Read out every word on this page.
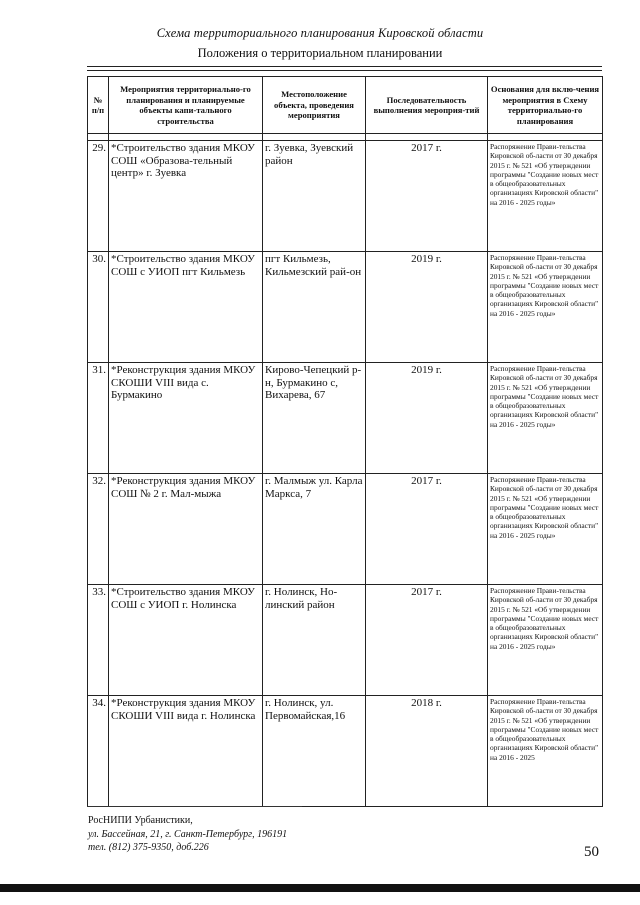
Схема территориального планирования Кировской области
Положения о территориальном планировании
№ п/п	Мероприятия территориально-го планирования и планируемые объекты капи-тального строительства	Местоположение объекта, проведения мероприятия	Последовательность выполнения мероприя-тий	Основания для вклю-чения мероприятия в Схему территориально-го планирования

29.	*Строительство здания МКОУ СОШ «Образова-тельный центр» г. Зуевка	г. Зуевка, Зуевский район	2017 г.	Распоряжение Прави-тельства Кировской об-ласти от 30 декабря 2015 г. № 521 «Об утверждении программы "Создание новых мест в общеобразовательных организациях Кировской области" на 2016 - 2025 годы»
30.	*Строительство здания МКОУ СОШ с УИОП пгт Кильмезь	пгт Кильмезь, Кильмезский рай-он	2019 г.	Распоряжение Прави-тельства Кировской об-ласти от 30 декабря 2015 г. № 521 «Об утверждении программы "Создание новых мест в общеобразовательных организациях Кировской области" на 2016 - 2025 годы»
31.	*Реконструкция здания МКОУ СКОШИ VIII вида с. Бурмакино	Кирово-Чепецкий р-н, Бурмакино с, Вихарева, 67	2019 г.	Распоряжение Прави-тельства Кировской об-ласти от 30 декабря 2015 г. № 521 «Об утверждении программы "Создание новых мест в общеобразовательных организациях Кировской области" на 2016 - 2025 годы»
32.	*Реконструкция здания МКОУ СОШ № 2 г. Мал-мыжа	г. Малмыж ул. Карла Маркса, 7	2017 г.	Распоряжение Прави-тельства Кировской об-ласти от 30 декабря 2015 г. № 521 «Об утверждении программы "Создание новых мест в общеобразовательных организациях Кировской области" на 2016 - 2025 годы»
33.	*Строительство здания МКОУ СОШ с УИОП г. Нолинска	г. Нолинск, Но-линский район	2017 г.	Распоряжение Прави-тельства Кировской об-ласти от 30 декабря 2015 г. № 521 «Об утверждении программы "Создание новых мест в общеобразовательных организациях Кировской области" на 2016 - 2025 годы»
34.	*Реконструкция здания МКОУ СКОШИ VIII вида г. Нолинска	г. Нолинск, ул. Первомайская,16	2018 г.	Распоряжение Прави-тельства Кировской об-ласти от 30 декабря 2015 г. № 521 «Об утверждении программы "Создание новых мест в общеобразовательных организациях Кировской области" на 2016 - 2025
РосНИПИ Урбанистики,
ул. Бассейная, 21, г. Санкт-Петербург, 196191
тел. (812) 375-9350, доб.226	50
